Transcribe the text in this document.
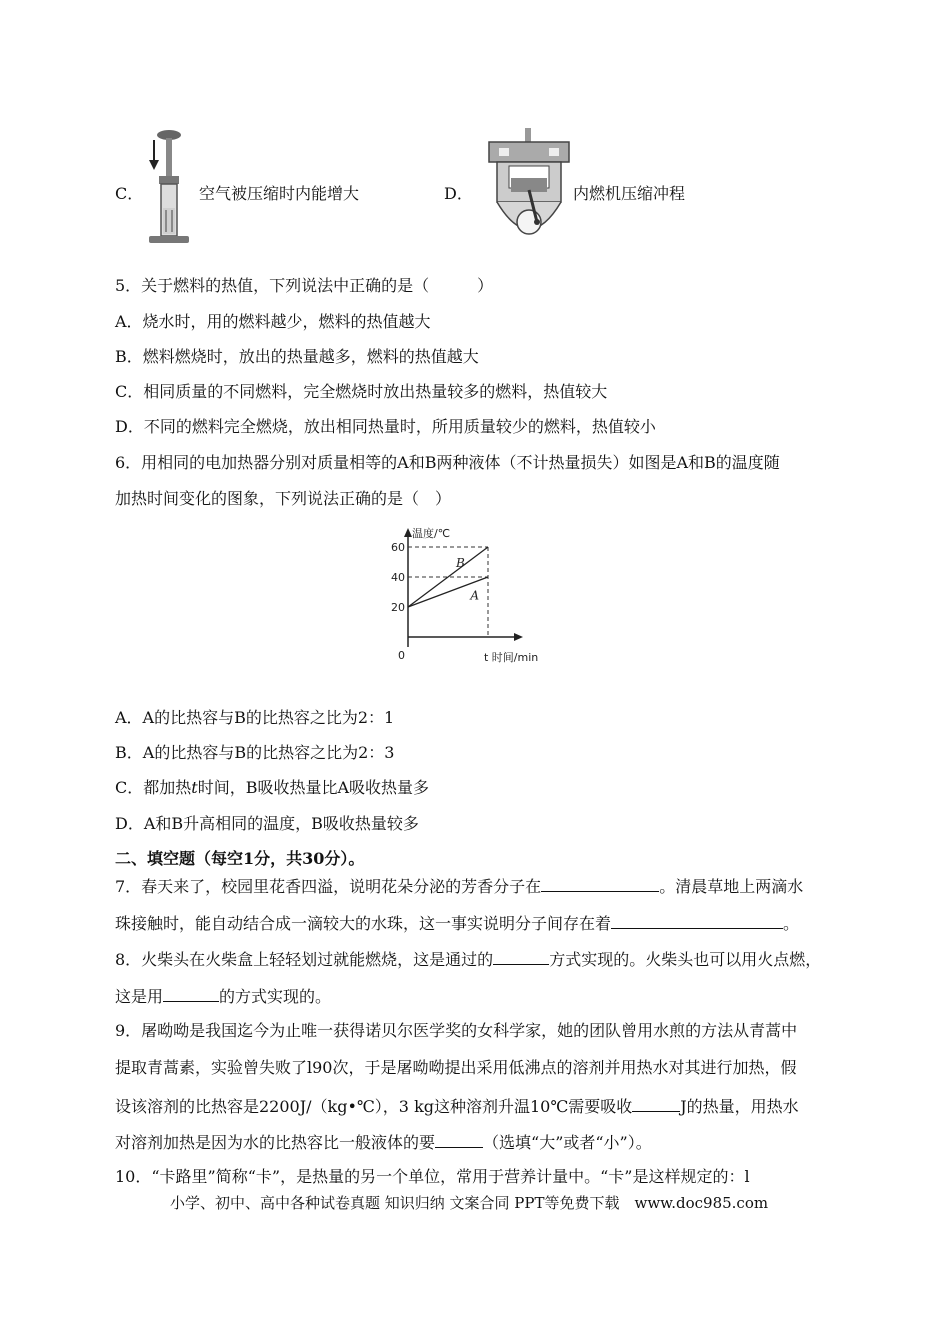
C．	空气被压缩时内能增大	D．	内燃机压缩冲程
5．关于燃料的热值，下列说法中正确的是（　　　）
A．烧水时，用的燃料越少，燃料的热值越大
B．燃料燃烧时，放出的热量越多，燃料的热值越大
C．相同质量的不同燃料，完全燃烧时放出热量较多的燃料，热值较大
D．不同的燃料完全燃烧，放出相同热量时，所用质量较少的燃料，热值较小
6．用相同的电加热器分别对质量相等的A和B两种液体（不计热量损失）如图是A和B的温度随
加热时间变化的图象，下列说法正确的是（　）
20
40
60
温度/℃
0	t 时间/min
B
A
A．A的比热容与B的比热容之比为2：1
B．A的比热容与B的比热容之比为2：3
C．都加热t时间，B吸收热量比A吸收热量多
D．A和B升高相同的温度，B吸收热量较多
二、填空题（每空1分，共30分）。
7．春天来了，校园里花香四溢，说明花朵分泌的芳香分子在	。清晨草地上两滴水
珠接触时，能自动结合成一滴较大的水珠，这一事实说明分子间存在着	。
8．火柴头在火柴盒上轻轻划过就能燃烧，这是通过的	方式实现的。火柴头也可以用火点燃，
这是用	的方式实现的。
9．屠呦呦是我国迄今为止唯一获得诺贝尔医学奖的女科学家，她的团队曾用水煎的方法从青蒿中
提取青蒿素，实验曾失败了l90次，于是屠呦呦提出采用低沸点的溶剂并用热水对其进行加热，假
设该溶剂的比热容是2200J/（kg•℃），3 kg这种溶剂升温10℃需要吸收	J的热量，用热水
对溶剂加热是因为水的比热容比一般液体的要	（选填“大”或者“小”）。
10．“卡路里”简称“卡”，是热量的另一个单位，常用于营养计量中。“卡”是这样规定的：l
小学、初中、高中各种试卷真题 知识归纳 文案合同 PPT等免费下载　www.doc985.com
